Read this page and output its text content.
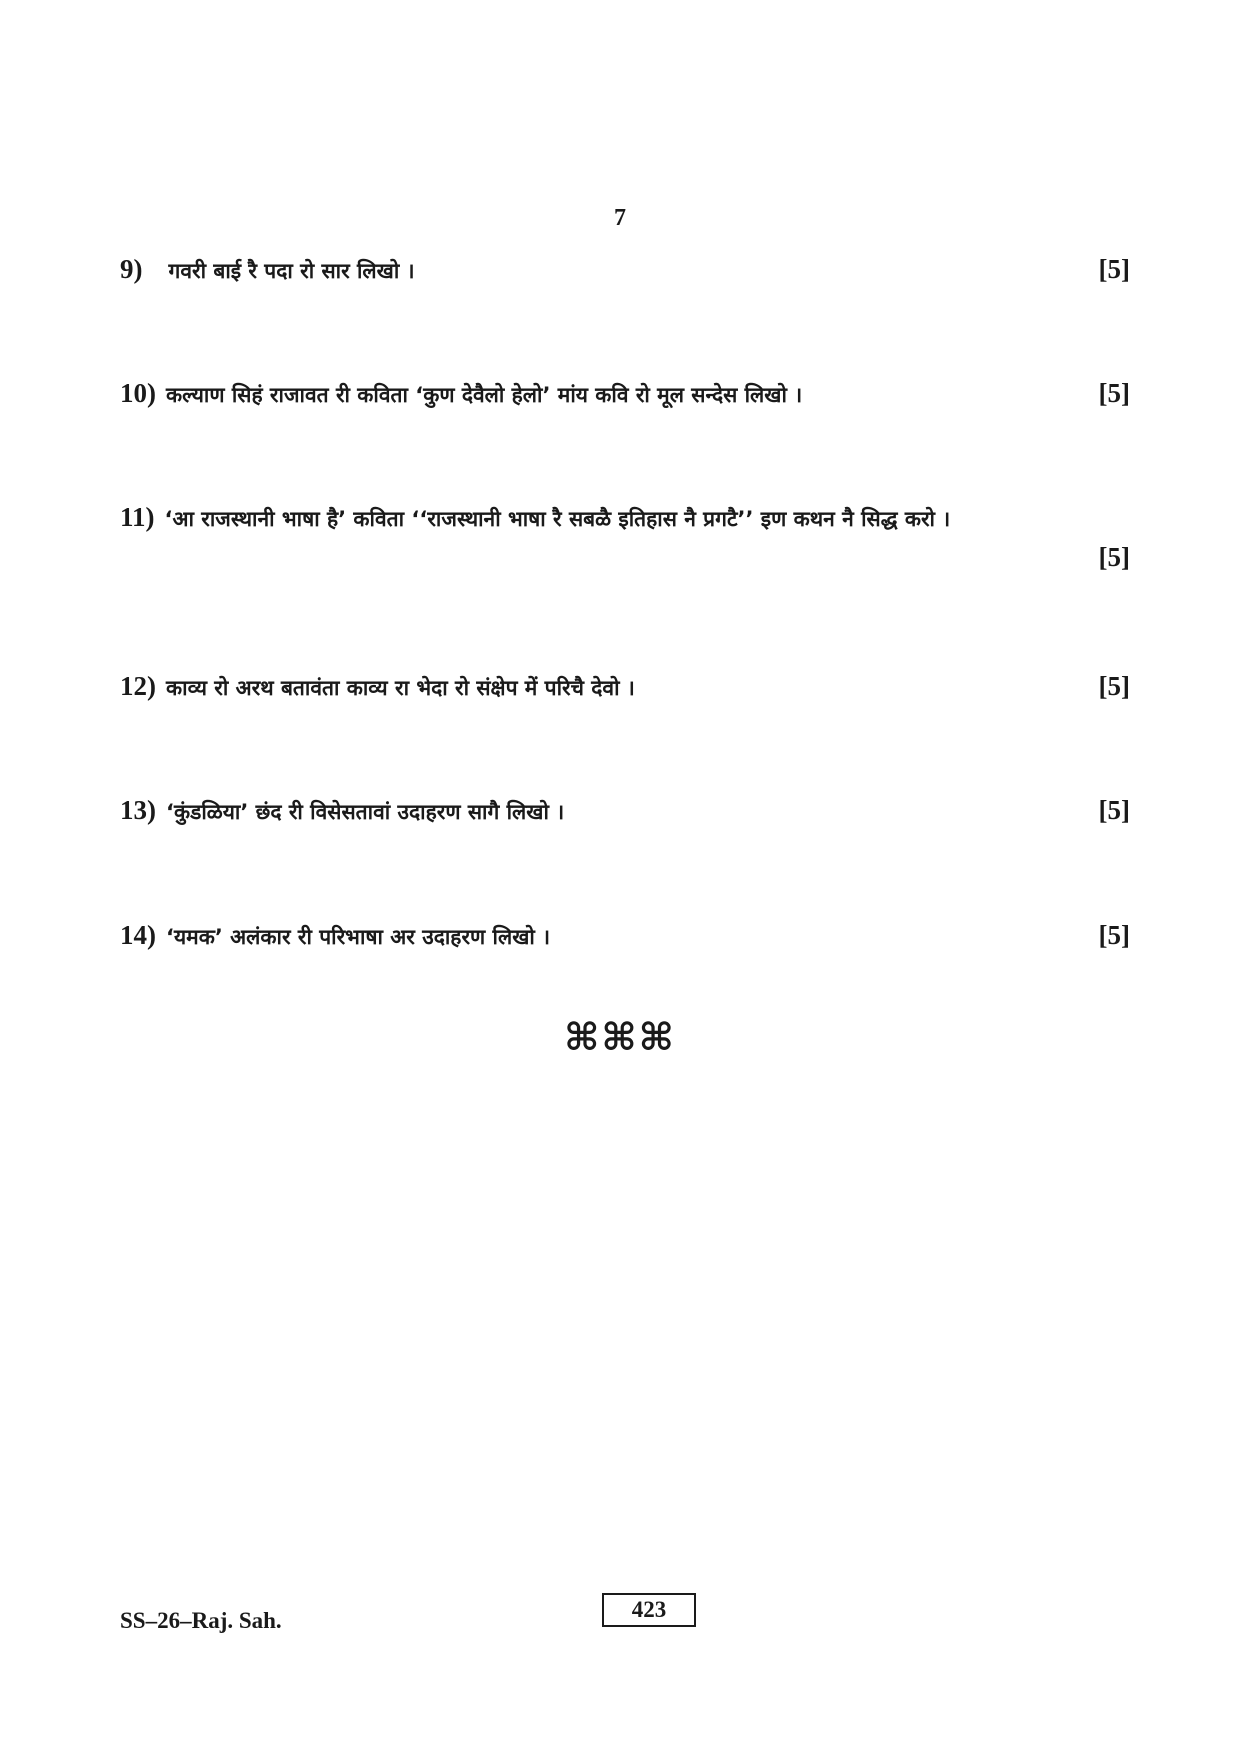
7
9) गवरी बाई रै पदा रो सार लिखो ।	[5]
10) कल्याण सिहं राजावत री कविता ‘कुण देवैलो हेलो’ मांय कवि रो मूल सन्देस लिखो ।	[5]
11) ‘आ राजस्थानी भाषा है’ कविता ‘‘राजस्थानी भाषा रै सबळै इतिहास नै प्रगटै’’ इण कथन नै सिद्ध करो ।
[5]
12) काव्य रो अरथ बतावंता काव्य रा भेदा रो संक्षेप में परिचै देवो ।	[5]
13) ‘कुंडळिया’ छंद री विसेसतावां उदाहरण सागै लिखो ।	[5]
14) ‘यमक’ अलंकार री परिभाषा अर उदाहरण लिखो ।	[5]
⌘⌘⌘
SS–26–Raj. Sah.	423
